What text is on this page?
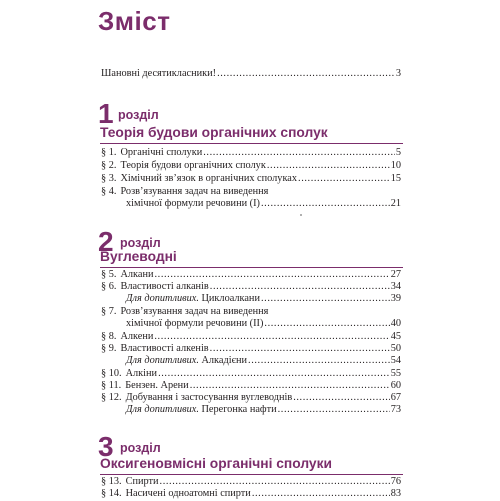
Зміст
Шановні десятикласники! .....	3
1 розділ
Теорія будови органічних сполук
§ 1. Органічні сполуки .....	5
§ 2. Теорія будови органічних сполук .....	10
§ 3. Хімічний зв’язок в органічних сполуках .....	15
§ 4. Розв’язування задач на виведення
хімічної формули речовини (I) .....	21
2 розділ
Вуглеводні
§ 5. Алкани .....	27
§ 6. Властивості алканів .....	34
Для допитливих. Циклоалкани .....	39
§ 7. Розв’язування задач на виведення
хімічної формули речовини (II) .....	40
§ 8. Алкени .....	45
§ 9. Властивості алкенів .....	50
Для допитливих. Алкадієни .....	54
§ 10. Алкіни .....	55
§ 11. Бензен. Арени .....	60
§ 12. Добування і застосування вуглеводнів .....	67
Для допитливих. Перегонка нафти .....	73
3 розділ
Оксигеновмісні органічні сполуки
§ 13. Спирти .....	76
§ 14. Насичені одноатомні спирти .....	83
